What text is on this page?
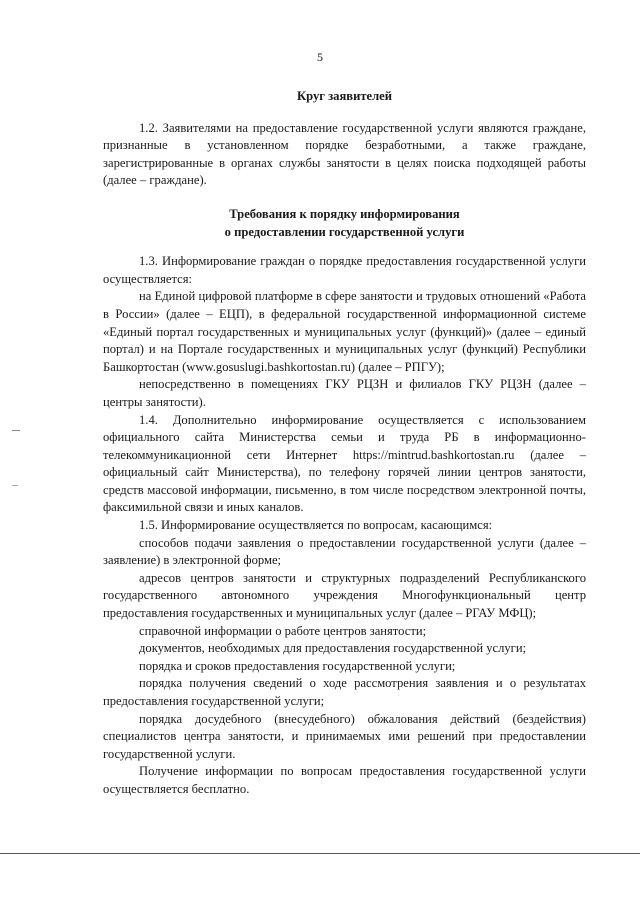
5
Круг заявителей

1.2. Заявителями на предоставление государственной услуги являются граждане, признанные в установленном порядке безработными, а также граждане, зарегистрированные в органах службы занятости в целях поиска подходящей работы (далее – граждане).

Требования к порядку информирования
о предоставлении государственной услуги

1.3. Информирование граждан о порядке предоставления государственной услуги осуществляется:

на Единой цифровой платформе в сфере занятости и трудовых отношений «Работа в России» (далее – ЕЦП), в федеральной государственной информационной системе «Единый портал государственных и муниципальных услуг (функций)» (далее – единый портал) и на Портале государственных и муниципальных услуг (функций) Республики Башкортостан (www.gosuslugi.bashkortostan.ru) (далее – РПГУ);

непосредственно в помещениях ГКУ РЦЗН и филиалов ГКУ РЦЗН (далее – центры занятости).

1.4. Дополнительно информирование осуществляется с использованием официального сайта Министерства семьи и труда РБ в информационно-телекоммуникационной сети Интернет https://mintrud.bashkortostan.ru (далее – официальный сайт Министерства), по телефону горячей линии центров занятости, средств массовой информации, письменно, в том числе посредством электронной почты, факсимильной связи и иных каналов.

1.5. Информирование осуществляется по вопросам, касающимся:

способов подачи заявления о предоставлении государственной услуги (далее – заявление) в электронной форме;

адресов центров занятости и структурных подразделений Республиканского государственного автономного учреждения Многофункциональный центр предоставления государственных и муниципальных услуг (далее – РГАУ МФЦ);

справочной информации о работе центров занятости;

документов, необходимых для предоставления государственной услуги;

порядка и сроков предоставления государственной услуги;

порядка получения сведений о ходе рассмотрения заявления и о результатах предоставления государственной услуги;

порядка досудебного (внесудебного) обжалования действий (бездействия) специалистов центра занятости, и принимаемых ими решений при предоставлении государственной услуги.

Получение информации по вопросам предоставления государственной услуги осуществляется бесплатно.
